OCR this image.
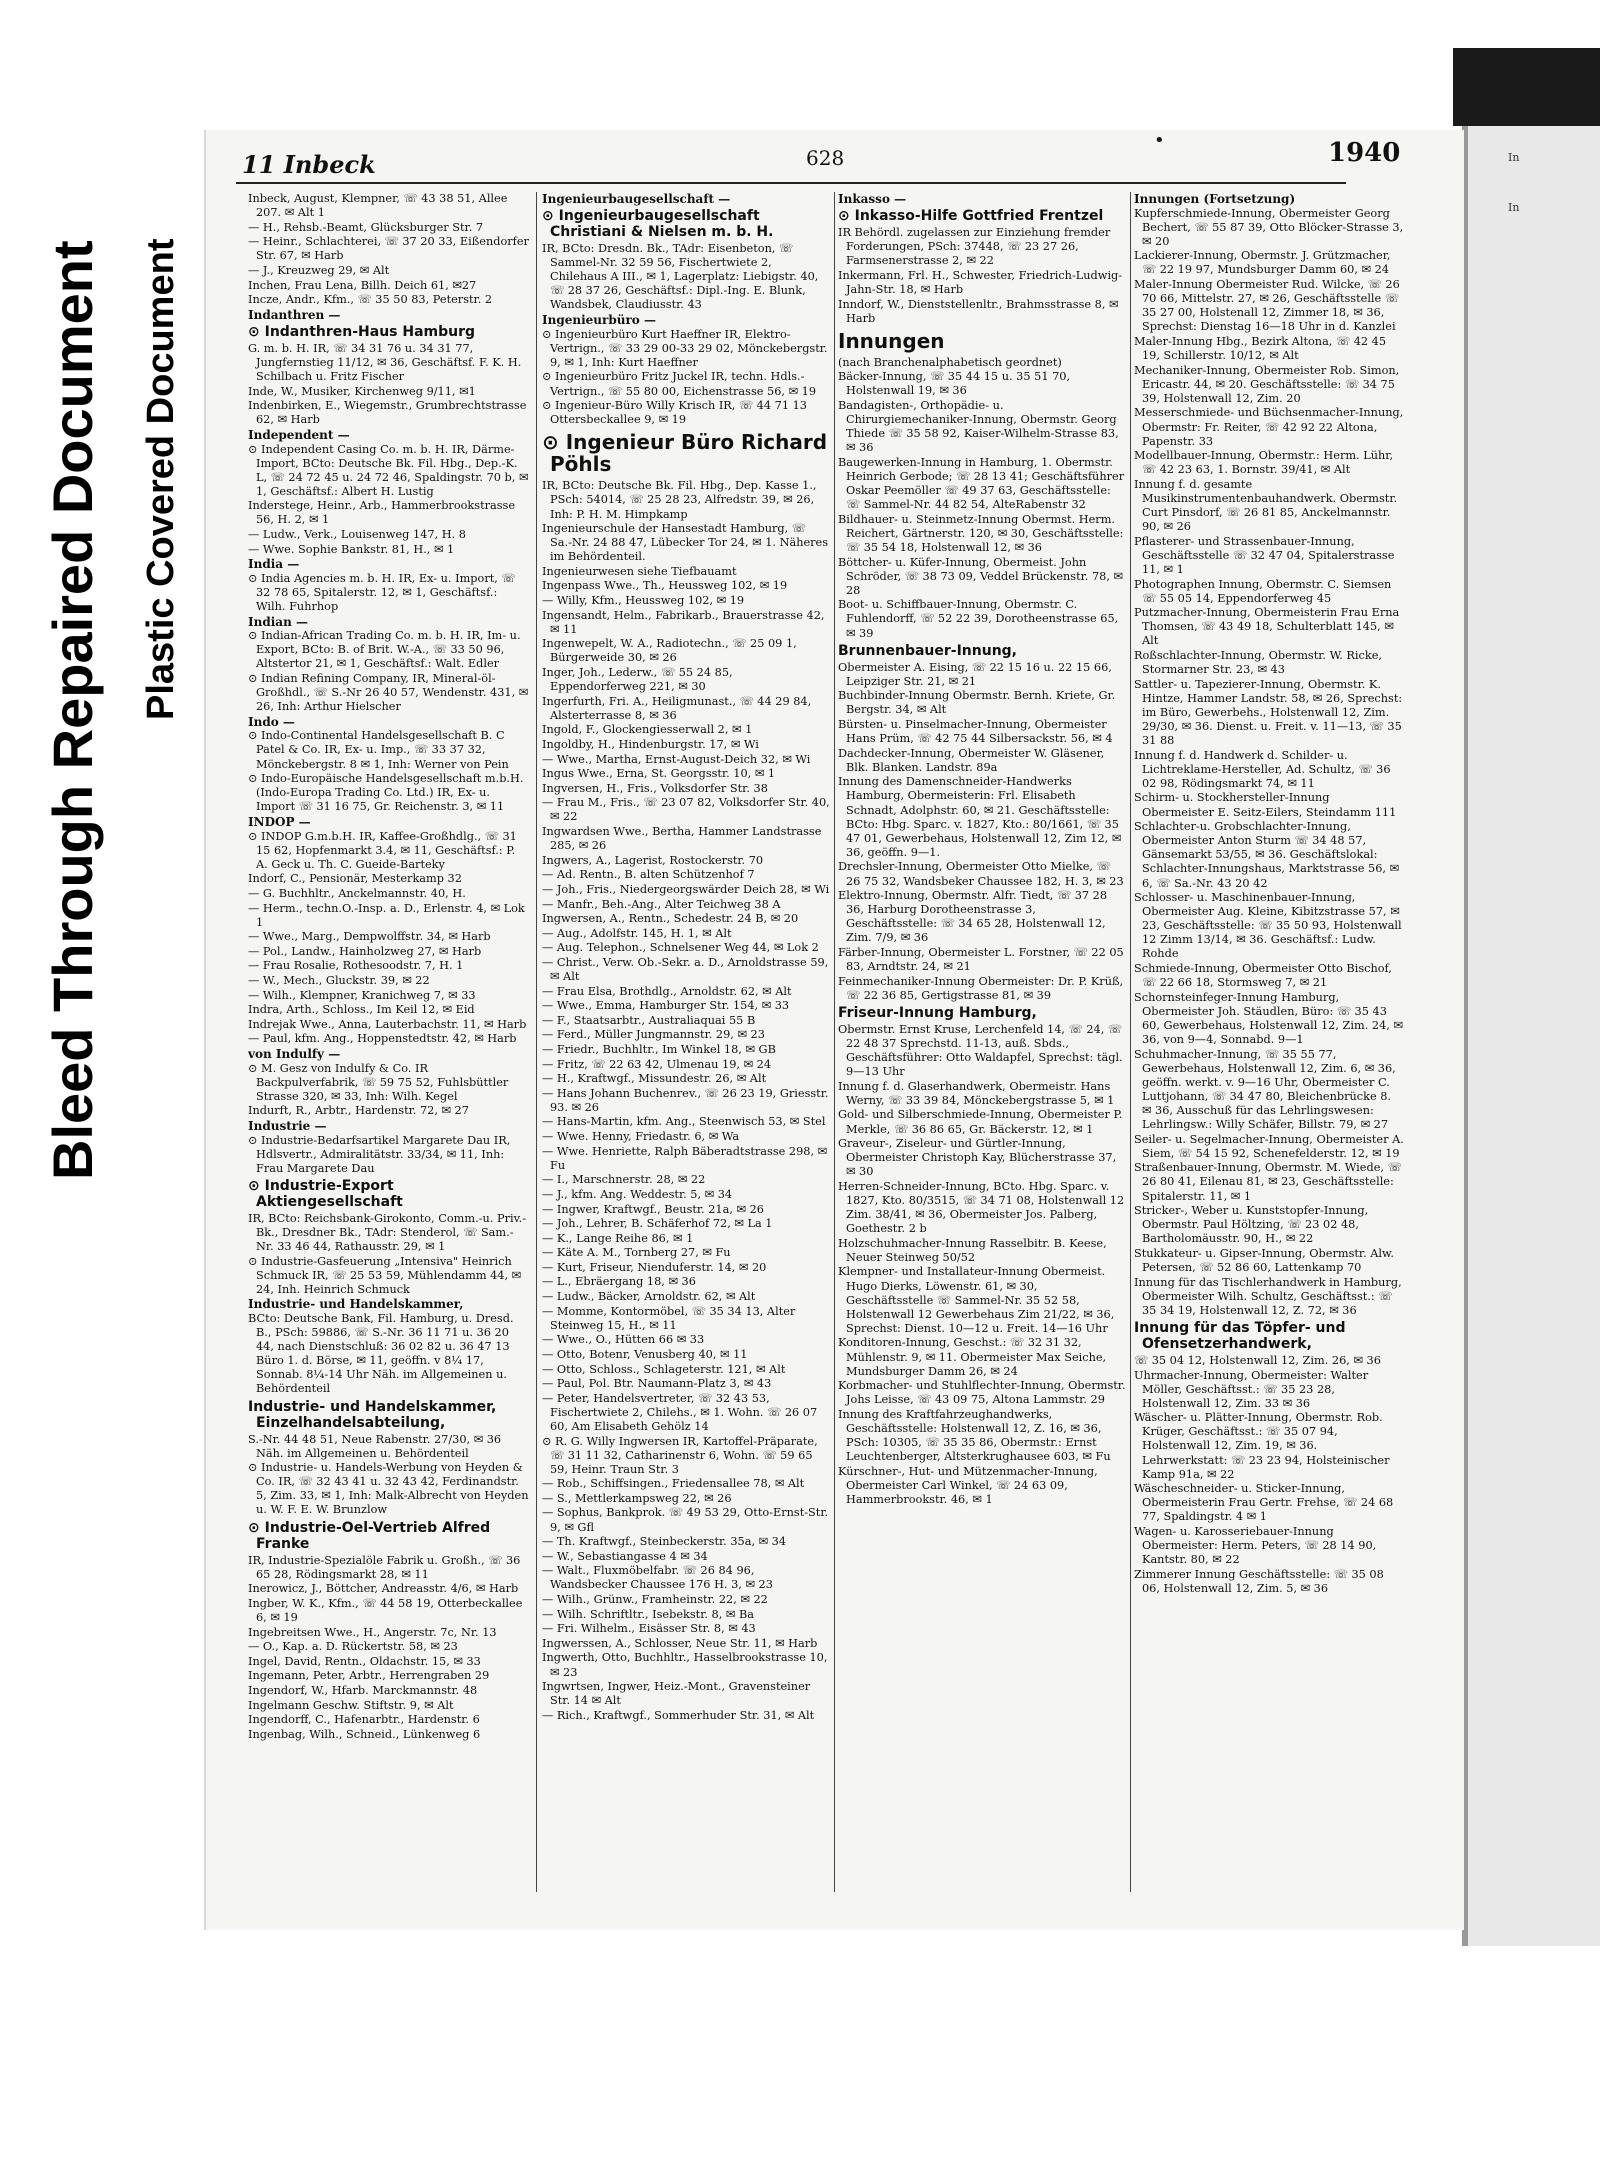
Bleed Through Repaired Document Plastic Covered Document
In
In
11 Inbeck
•
628	1940
Inbeck, August, Klempner, ☏ 43 38 51, Allee 207. ✉ Alt 1
— H., Rehsb.-Beamt, Glücksburger Str. 7
— Heinr., Schlachterei, ☏ 37 20 33, Eißendorfer Str. 67, ✉ Harb
— J., Kreuzweg 29, ✉ Alt
Inchen, Frau Lena, Billh. Deich 61, ✉27
Incze, Andr., Kfm., ☏ 35 50 83, Peterstr. 2
Indanthren —
⊙ Indanthren-Haus Hamburg
G. m. b. H. IR, ☏ 34 31 76 u. 34 31 77, Jungfernstieg 11/12, ✉ 36, Geschäftsf. F. K. H. Schilbach u. Fritz Fischer
Inde, W., Musiker, Kirchenweg 9/11, ✉1
Indenbirken, E., Wiegemstr., Grumbrechtstrasse 62, ✉ Harb
Independent —
⊙ Independent Casing Co. m. b. H. IR, Därme-Import, BCto: Deutsche Bk. Fil. Hbg., Dep.-K. L, ☏ 24 72 45 u. 24 72 46, Spaldingstr. 70 b, ✉ 1, Geschäftsf.: Albert H. Lustig
Inderstege, Heinr., Arb., Hammerbrookstrasse 56, H. 2, ✉ 1
— Ludw., Verk., Louisenweg 147, H. 8
— Wwe. Sophie Bankstr. 81, H., ✉ 1
India —
⊙ India Agencies m. b. H. IR, Ex- u. Import, ☏ 32 78 65, Spitalerstr. 12, ✉ 1, Geschäftsf.: Wilh. Fuhrhop
Indian —
⊙ Indian-African Trading Co. m. b. H. IR, Im- u. Export, BCto: B. of Brit. W.-A., ☏ 33 50 96, Altstertor 21, ✉ 1, Geschäftsf.: Walt. Edler
⊙ Indian Refining Company, IR, Mineral-öl-Großhdl., ☏ S.-Nr 26 40 57, Wendenstr. 431, ✉ 26, Inh: Arthur Hielscher
Indo —
⊙ Indo-Continental Handelsgesellschaft B. C Patel & Co. IR, Ex- u. Imp., ☏ 33 37 32, Mönckebergstr. 8 ✉ 1, Inh: Werner von Pein
⊙ Indo-Europäische Handelsgesellschaft m.b.H. (Indo-Europa Trading Co. Ltd.) IR, Ex- u. Import ☏ 31 16 75, Gr. Reichenstr. 3, ✉ 11
INDOP —
⊙ INDOP G.m.b.H. IR, Kaffee-Großhdlg., ☏ 31 15 62, Hopfenmarkt 3.4, ✉ 11, Geschäftsf.: P. A. Geck u. Th. C. Gueide-Barteky
Indorf, C., Pensionär, Mesterkamp 32
— G. Buchhltr., Anckelmannstr. 40, H.
— Herm., techn.O.-Insp. a. D., Erlenstr. 4, ✉ Lok 1
— Wwe., Marg., Dempwolffstr. 34, ✉ Harb
— Pol., Landw., Hainholzweg 27, ✉ Harb
— Frau Rosalie, Rothesoodstr. 7, H. 1
— W., Mech., Gluckstr. 39, ✉ 22
— Wilh., Klempner, Kranichweg 7, ✉ 33
Indra, Arth., Schloss., Im Keil 12, ✉ Eid
Indrejak Wwe., Anna, Lauterbachstr. 11, ✉ Harb
— Paul, kfm. Ang., Hoppenstedtstr. 42, ✉ Harb
von Indulfy —
⊙ M. Gesz von Indulfy & Co. IR Backpulverfabrik, ☏ 59 75 52, Fuhlsbüttler Strasse 320, ✉ 33, Inh: Wilh. Kegel
Indurft, R., Arbtr., Hardenstr. 72, ✉ 27
Industrie —
⊙ Industrie-Bedarfsartikel Margarete Dau IR, Hdlsvertr., Admiralitätstr. 33/34, ✉ 11, Inh: Frau Margarete Dau
⊙ Industrie-Export Aktiengesellschaft
IR, BCto: Reichsbank-Girokonto, Comm.-u. Priv.-Bk., Dresdner Bk., TAdr: Stenderol, ☏ Sam.-Nr. 33 46 44, Rathausstr. 29, ✉ 1
⊙ Industrie-Gasfeuerung „Intensiva" Heinrich Schmuck IR, ☏ 25 53 59, Mühlendamm 44, ✉ 24, Inh. Heinrich Schmuck
Industrie- und Handelskammer,
BCto: Deutsche Bank, Fil. Hamburg, u. Dresd. B., PSch: 59886, ☏ S.-Nr. 36 11 71 u. 36 20 44, nach Dienstschluß: 36 02 82 u. 36 47 13 Büro 1. d. Börse, ✉ 11, geöffn. v 8¼ 17, Sonnab. 8¼-14 Uhr Näh. im Allgemeinen u. Behördenteil
Industrie- und Handelskammer, Einzelhandelsabteilung,
S.-Nr. 44 48 51, Neue Rabenstr. 27/30, ✉ 36 Näh. im Allgemeinen u. Behördenteil
⊙ Industrie- u. Handels-Werbung von Heyden & Co. IR, ☏ 32 43 41 u. 32 43 42, Ferdinandstr. 5, Zim. 33, ✉ 1, Inh: Malk-Albrecht von Heyden u. W. F. E. W. Brunzlow
⊙ Industrie-Oel-Vertrieb Alfred Franke
IR, Industrie-Spezialöle Fabrik u. Großh., ☏ 36 65 28, Rödingsmarkt 28, ✉ 11
Inerowicz, J., Böttcher, Andreasstr. 4/6, ✉ Harb
Ingber, W. K., Kfm., ☏ 44 58 19, Otterbeckallee 6, ✉ 19
Ingebreitsen Wwe., H., Angerstr. 7c, Nr. 13
— O., Kap. a. D. Rückertstr. 58, ✉ 23
Ingel, David, Rentn., Oldachstr. 15, ✉ 33
Ingemann, Peter, Arbtr., Herrengraben 29
Ingendorf, W., Hfarb. Marckmannstr. 48
Ingelmann Geschw. Stiftstr. 9, ✉ Alt
Ingendorff, C., Hafenarbtr., Hardenstr. 6
Ingenbag, Wilh., Schneid., Lünkenweg 6
Ingenieurbaugesellschaft —
⊙ Ingenieurbaugesellschaft Christiani & Nielsen m. b. H.
IR, BCto: Dresdn. Bk., TAdr: Eisenbeton, ☏ Sammel-Nr. 32 59 56, Fischertwiete 2, Chilehaus A III., ✉ 1, Lagerplatz: Liebigstr. 40, ☏ 28 37 26, Geschäftsf.: Dipl.-Ing. E. Blunk, Wandsbek, Claudiusstr. 43
Ingenieurbüro —
⊙ Ingenieurbüro Kurt Haeffner IR, Elektro-Vertrign., ☏ 33 29 00-33 29 02, Mönckebergstr. 9, ✉ 1, Inh: Kurt Haeffner
⊙ Ingenieurbüro Fritz Juckel IR, techn. Hdls.-Vertrign., ☏ 55 80 00, Eichenstrasse 56, ✉ 19
⊙ Ingenieur-Büro Willy Krisch IR, ☏ 44 71 13 Ottersbeckallee 9, ✉ 19
⊙ Ingenieur Büro Richard Pöhls
IR, BCto: Deutsche Bk. Fil. Hbg., Dep. Kasse 1., PSch: 54014, ☏ 25 28 23, Alfredstr. 39, ✉ 26, Inh: P. H. M. Himpkamp
Ingenieurschule der Hansestadt Hamburg, ☏ Sa.-Nr. 24 88 47, Lübecker Tor 24, ✉ 1. Näheres im Behördenteil.
Ingenieurwesen siehe Tiefbauamt
Ingenpass Wwe., Th., Heussweg 102, ✉ 19
— Willy, Kfm., Heussweg 102, ✉ 19
Ingensandt, Helm., Fabrikarb., Brauerstrasse 42, ✉ 11
Ingenwepelt, W. A., Radiotechn., ☏ 25 09 1, Bürgerweide 30, ✉ 26
Inger, Joh., Lederw., ☏ 55 24 85, Eppendorferweg 221, ✉ 30
Ingerfurth, Fri. A., Heiligmunast., ☏ 44 29 84, Alsterterrasse 8, ✉ 36
Ingold, F., Glockengiesserwall 2, ✉ 1
Ingoldby, H., Hindenburgstr. 17, ✉ Wi
— Wwe., Martha, Ernst-August-Deich 32, ✉ Wi
Ingus Wwe., Erna, St. Georgsstr. 10, ✉ 1
Ingversen, H., Fris., Volksdorfer Str. 38
— Frau M., Fris., ☏ 23 07 82, Volksdorfer Str. 40, ✉ 22
Ingwardsen Wwe., Bertha, Hammer Landstrasse 285, ✉ 26
Ingwers, A., Lagerist, Rostockerstr. 70
— Ad. Rentn., B. alten Schützenhof 7
— Joh., Fris., Niedergeorgswärder Deich 28, ✉ Wi
— Manfr., Beh.-Ang., Alter Teichweg 38 A
Ingwersen, A., Rentn., Schedestr. 24 B, ✉ 20
— Aug., Adolfstr. 145, H. 1, ✉ Alt
— Aug. Telephon., Schnelsener Weg 44, ✉ Lok 2
— Christ., Verw. Ob.-Sekr. a. D., Arnoldstrasse 59, ✉ Alt
— Frau Elsa, Brothdlg., Arnoldstr. 62, ✉ Alt
— Wwe., Emma, Hamburger Str. 154, ✉ 33
— F., Staatsarbtr., Australiaquai 55 B
— Ferd., Müller Jungmannstr. 29, ✉ 23
— Friedr., Buchhltr., Im Winkel 18, ✉ GB
— Fritz, ☏ 22 63 42, Ulmenau 19, ✉ 24
— H., Kraftwgf., Missundestr. 26, ✉ Alt
— Hans Johann Buchenrev., ☏ 26 23 19, Griesstr. 93. ✉ 26
— Hans-Martin, kfm. Ang., Steenwisch 53, ✉ Stel
— Wwe. Henny, Friedastr. 6, ✉ Wa
— Wwe. Henriette, Ralph Bäberadtstrasse 298, ✉ Fu
— I., Marschnerstr. 28, ✉ 22
— J., kfm. Ang. Weddestr. 5, ✉ 34
— Ingwer, Kraftwgf., Beustr. 21a, ✉ 26
— Joh., Lehrer, B. Schäferhof 72, ✉ La 1
— K., Lange Reihe 86, ✉ 1
— Käte A. M., Tornberg 27, ✉ Fu
— Kurt, Friseur, Nienduferstr. 14, ✉ 20
— L., Ebräergang 18, ✉ 36
— Ludw., Bäcker, Arnoldstr. 62, ✉ Alt
— Momme, Kontormöbel, ☏ 35 34 13, Alter Steinweg 15, H., ✉ 11
— Wwe., O., Hütten 66 ✉ 33
— Otto, Botenr, Venusberg 40, ✉ 11
— Otto, Schloss., Schlageterstr. 121, ✉ Alt
— Paul, Pol. Btr. Naumann-Platz 3, ✉ 43
— Peter, Handelsvertreter, ☏ 32 43 53, Fischertwiete 2, Chilehs., ✉ 1. Wohn. ☏ 26 07 60, Am Elisabeth Gehölz 14
⊙ R. G. Willy Ingwersen IR, Kartoffel-Präparate, ☏ 31 11 32, Catharinenstr 6, Wohn. ☏ 59 65 59, Heinr. Traun Str. 3
— Rob., Schiffsingen., Friedensallee 78, ✉ Alt
— S., Mettlerkampsweg 22, ✉ 26
— Sophus, Bankprok. ☏ 49 53 29, Otto-Ernst-Str. 9, ✉ Gfl
— Th. Kraftwgf., Steinbeckerstr. 35a, ✉ 34
— W., Sebastiangasse 4 ✉ 34
— Walt., Fluxmöbelfabr. ☏ 26 84 96, Wandsbecker Chaussee 176 H. 3, ✉ 23
— Wilh., Grünw., Framheinstr. 22, ✉ 22
— Wilh. Schriftltr., Isebekstr. 8, ✉ Ba
— Fri. Wilhelm., Eisässer Str. 8, ✉ 43
Ingwerssen, A., Schlosser, Neue Str. 11, ✉ Harb
Ingwerth, Otto, Buchhltr., Hasselbrookstrasse 10, ✉ 23
Ingwrtsen, Ingwer, Heiz.-Mont., Gravensteiner Str. 14 ✉ Alt
— Rich., Kraftwgf., Sommerhuder Str. 31, ✉ Alt
Inkasso —
⊙ Inkasso-Hilfe Gottfried Frentzel
IR Behördl. zugelassen zur Einziehung fremder Forderungen, PSch: 37448, ☏ 23 27 26, Farmsenerstrasse 2, ✉ 22
Inkermann, Frl. H., Schwester, Friedrich-Ludwig-Jahn-Str. 18, ✉ Harb
Inndorf, W., Dienststellenltr., Brahmsstrasse 8, ✉ Harb
Innungen
(nach Branchenalphabetisch geordnet)
Bäcker-Innung, ☏ 35 44 15 u. 35 51 70, Holstenwall 19, ✉ 36
Bandagisten-, Orthopädie- u. Chirurgiemechaniker-Innung, Obermstr. Georg Thiede ☏ 35 58 92, Kaiser-Wilhelm-Strasse 83, ✉ 36
Baugewerken-Innung in Hamburg, 1. Obermstr. Heinrich Gerbode; ☏ 28 13 41; Geschäftsführer Oskar Peemöller ☏ 49 37 63, Geschäftsstelle: ☏ Sammel-Nr. 44 82 54, AlteRabenstr 32
Bildhauer- u. Steinmetz-Innung Obermst. Herm. Reichert, Gärtnerstr. 120, ✉ 30, Geschäftsstelle: ☏ 35 54 18, Holstenwall 12, ✉ 36
Böttcher- u. Küfer-Innung, Obermeist. John Schröder, ☏ 38 73 09, Veddel Brückenstr. 78, ✉ 28
Boot- u. Schiffbauer-Innung, Obermstr. C. Fuhlendorff, ☏ 52 22 39, Dorotheenstrasse 65, ✉ 39
Brunnenbauer-Innung,
Obermeister A. Eising, ☏ 22 15 16 u. 22 15 66, Leipziger Str. 21, ✉ 21
Buchbinder-Innung Obermstr. Bernh. Kriete, Gr. Bergstr. 34, ✉ Alt
Bürsten- u. Pinselmacher-Innung, Obermeister Hans Prüm, ☏ 42 75 44 Silbersackstr. 56, ✉ 4
Dachdecker-Innung, Obermeister W. Gläsener, Blk. Blanken. Landstr. 89a
Innung des Damenschneider-Handwerks Hamburg, Obermeisterin: Frl. Elisabeth Schnadt, Adolphstr. 60, ✉ 21. Geschäftsstelle: BCto: Hbg. Sparc. v. 1827, Kto.: 80/1661, ☏ 35 47 01, Gewerbehaus, Holstenwall 12, Zim 12, ✉ 36, geöffn. 9—1.
Drechsler-Innung, Obermeister Otto Mielke, ☏ 26 75 32, Wandsbeker Chaussee 182, H. 3, ✉ 23
Elektro-Innung, Obermstr. Alfr. Tiedt, ☏ 37 28 36, Harburg Dorotheenstrasse 3, Geschäftsstelle: ☏ 34 65 28, Holstenwall 12, Zim. 7/9, ✉ 36
Färber-Innung, Obermeister L. Forstner, ☏ 22 05 83, Arndtstr. 24, ✉ 21
Feinmechaniker-Innung Obermeister: Dr. P. Krüß, ☏ 22 36 85, Gertigstrasse 81, ✉ 39
Friseur-Innung Hamburg,
Obermstr. Ernst Kruse, Lerchenfeld 14, ☏ 24, ☏ 22 48 37 Sprechstd. 11-13, auß. Sbds., Geschäftsführer: Otto Waldapfel, Sprechst: tägl. 9—13 Uhr
Innung f. d. Glaserhandwerk, Obermeistr. Hans Werny, ☏ 33 39 84, Mönckebergstrasse 5, ✉ 1
Gold- und Silberschmiede-Innung, Obermeister P. Merkle, ☏ 36 86 65, Gr. Bäckerstr. 12, ✉ 1
Graveur-, Ziseleur- und Gürtler-Innung, Obermeister Christoph Kay, Blücherstrasse 37, ✉ 30
Herren-Schneider-Innung, BCto. Hbg. Sparc. v. 1827, Kto. 80/3515, ☏ 34 71 08, Holstenwall 12 Zim. 38/41, ✉ 36, Obermeister Jos. Palberg, Goethestr. 2 b
Holzschuhmacher-Innung Rasselbitr. B. Keese, Neuer Steinweg 50/52
Klempner- und Installateur-Innung Obermeist. Hugo Dierks, Löwenstr. 61, ✉ 30, Geschäftsstelle ☏ Sammel-Nr. 35 52 58, Holstenwall 12 Gewerbehaus Zim 21/22, ✉ 36, Sprechst: Dienst. 10—12 u. Freit. 14—16 Uhr
Konditoren-Innung, Geschst.: ☏ 32 31 32, Mühlenstr. 9, ✉ 11. Obermeister Max Seiche, Mundsburger Damm 26, ✉ 24
Korbmacher- und Stuhlflechter-Innung, Obermstr. Johs Leisse, ☏ 43 09 75, Altona Lammstr. 29
Innung des Kraftfahrzeughandwerks, Geschäftsstelle: Holstenwall 12, Z. 16, ✉ 36, PSch: 10305, ☏ 35 35 86, Obermstr.: Ernst Leuchtenberger, Altsterkrughausee 603, ✉ Fu
Kürschner-, Hut- und Mützenmacher-Innung, Obermeister Carl Winkel, ☏ 24 63 09, Hammerbrookstr. 46, ✉ 1
Innungen (Fortsetzung)
Kupferschmiede-Innung, Obermeister Georg Bechert, ☏ 55 87 39, Otto Blöcker-Strasse 3, ✉ 20
Lackierer-Innung, Obermstr. J. Grützmacher, ☏ 22 19 97, Mundsburger Damm 60, ✉ 24
Maler-Innung Obermeister Rud. Wilcke, ☏ 26 70 66, Mittelstr. 27, ✉ 26, Geschäftsstelle ☏ 35 27 00, Holstenall 12, Zimmer 18, ✉ 36, Sprechst: Dienstag 16—18 Uhr in d. Kanzlei
Maler-Innung Hbg., Bezirk Altona, ☏ 42 45 19, Schillerstr. 10/12, ✉ Alt
Mechaniker-Innung, Obermeister Rob. Simon, Ericastr. 44, ✉ 20. Geschäftsstelle: ☏ 34 75 39, Holstenwall 12, Zim. 20
Messerschmiede- und Büchsenmacher-Innung, Obermstr: Fr. Reiter, ☏ 42 92 22 Altona, Papenstr. 33
Modellbauer-Innung, Obermstr.: Herm. Lühr, ☏ 42 23 63, 1. Bornstr. 39/41, ✉ Alt
Innung f. d. gesamte Musikinstrumentenbauhandwerk. Obermstr. Curt Pinsdorf, ☏ 26 81 85, Anckelmannstr. 90, ✉ 26
Pflasterer- und Strassenbauer-Innung, Geschäftsstelle ☏ 32 47 04, Spitalerstrasse 11, ✉ 1
Photographen Innung, Obermstr. C. Siemsen ☏ 55 05 14, Eppendorferweg 45
Putzmacher-Innung, Obermeisterin Frau Erna Thomsen, ☏ 43 49 18, Schulterblatt 145, ✉ Alt
Roßschlachter-Innung, Obermstr. W. Ricke, Stormarner Str. 23, ✉ 43
Sattler- u. Tapezierer-Innung, Obermstr. K. Hintze, Hammer Landstr. 58, ✉ 26, Sprechst: im Büro, Gewerbehs., Holstenwall 12, Zim. 29/30, ✉ 36. Dienst. u. Freit. v. 11—13, ☏ 35 31 88
Innung f. d. Handwerk d. Schilder- u. Lichtreklame-Hersteller, Ad. Schultz, ☏ 36 02 98, Rödingsmarkt 74, ✉ 11
Schirm- u. Stockhersteller-Innung Obermeister E. Seitz-Eilers, Steindamm 111
Schlachter-u. Grobschlachter-Innung, Obermeister Anton Sturm ☏ 34 48 57, Gänsemarkt 53/55, ✉ 36. Geschäftslokal: Schlachter-Innungshaus, Marktstrasse 56, ✉ 6, ☏ Sa.-Nr. 43 20 42
Schlosser- u. Maschinenbauer-Innung, Obermeister Aug. Kleine, Kibitzstrasse 57, ✉ 23, Geschäftsstelle: ☏ 35 50 93, Holstenwall 12 Zimm 13/14, ✉ 36. Geschäftsf.: Ludw. Rohde
Schmiede-Innung, Obermeister Otto Bischof, ☏ 22 66 18, Stormsweg 7, ✉ 21
Schornsteinfeger-Innung Hamburg, Obermeister Joh. Stäudlen, Büro: ☏ 35 43 60, Gewerbehaus, Holstenwall 12, Zim. 24, ✉ 36, von 9—4, Sonnabd. 9—1
Schuhmacher-Innung, ☏ 35 55 77, Gewerbehaus, Holstenwall 12, Zim. 6, ✉ 36, geöffn. werkt. v. 9—16 Uhr, Obermeister C. Luttjohann, ☏ 34 47 80, Bleichenbrücke 8. ✉ 36, Ausschuß für das Lehrlingswesen: Lehrlingsw.: Willy Schäfer, Billstr. 79, ✉ 27
Seiler- u. Segelmacher-Innung, Obermeister A. Siem, ☏ 54 15 92, Schenefelderstr. 12, ✉ 19
Straßenbauer-Innung, Obermstr. M. Wiede, ☏ 26 80 41, Eilenau 81, ✉ 23, Geschäftsstelle: Spitalerstr. 11, ✉ 1
Stricker-, Weber u. Kunststopfer-Innung, Obermstr. Paul Höltzing, ☏ 23 02 48, Bartholomäusstr. 90, H., ✉ 22
Stukkateur- u. Gipser-Innung, Obermstr. Alw. Petersen, ☏ 52 86 60, Lattenkamp 70
Innung für das Tischlerhandwerk in Hamburg, Obermeister Wilh. Schultz, Geschäftsst.: ☏ 35 34 19, Holstenwall 12, Z. 72, ✉ 36
Innung für das Töpfer- und Ofensetzerhandwerk,
☏ 35 04 12, Holstenwall 12, Zim. 26, ✉ 36
Uhrmacher-Innung, Obermeister: Walter Möller, Geschäftsst.: ☏ 35 23 28, Holstenwall 12, Zim. 33 ✉ 36
Wäscher- u. Plätter-Innung, Obermstr. Rob. Krüger, Geschäftsst.: ☏ 35 07 94, Holstenwall 12, Zim. 19, ✉ 36. Lehrwerkstatt: ☏ 23 23 94, Holsteinischer Kamp 91a, ✉ 22
Wäscheschneider- u. Sticker-Innung, Obermeisterin Frau Gertr. Frehse, ☏ 24 68 77, Spaldingstr. 4 ✉ 1
Wagen- u. Karosseriebauer-Innung Obermeister: Herm. Peters, ☏ 28 14 90, Kantstr. 80, ✉ 22
Zimmerer Innung Geschäftsstelle: ☏ 35 08 06, Holstenwall 12, Zim. 5, ✉ 36
